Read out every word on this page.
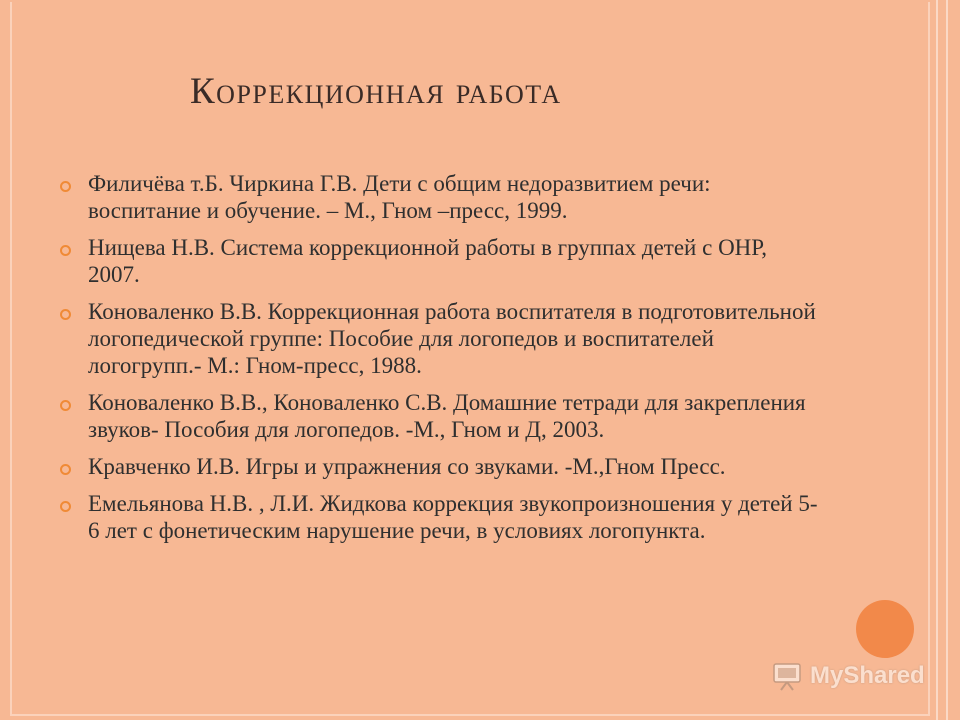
Коррекционная работа
Филичёва т.Б. Чиркина Г.В. Дети с общим недоразвитием речи: воспитание и обучение. – М., Гном –пресс, 1999.
Нищева Н.В. Система коррекционной работы в группах детей с ОНР, 2007.
Коноваленко В.В. Коррекционная работа воспитателя в подготовительной логопедической группе: Пособие для логопедов и воспитателей логогрупп.- М.: Гном-пресс, 1988.
Коноваленко В.В., Коноваленко С.В. Домашние тетради для закрепления звуков- Пособия для логопедов. -М., Гном и Д, 2003.
Кравченко И.В. Игры и упражнения со звуками. -М.,Гном Пресс.
Емельянова Н.В. , Л.И. Жидкова коррекция звукопроизношения у детей 5-6 лет с фонетическим нарушение речи, в условиях логопункта.
MyShared
